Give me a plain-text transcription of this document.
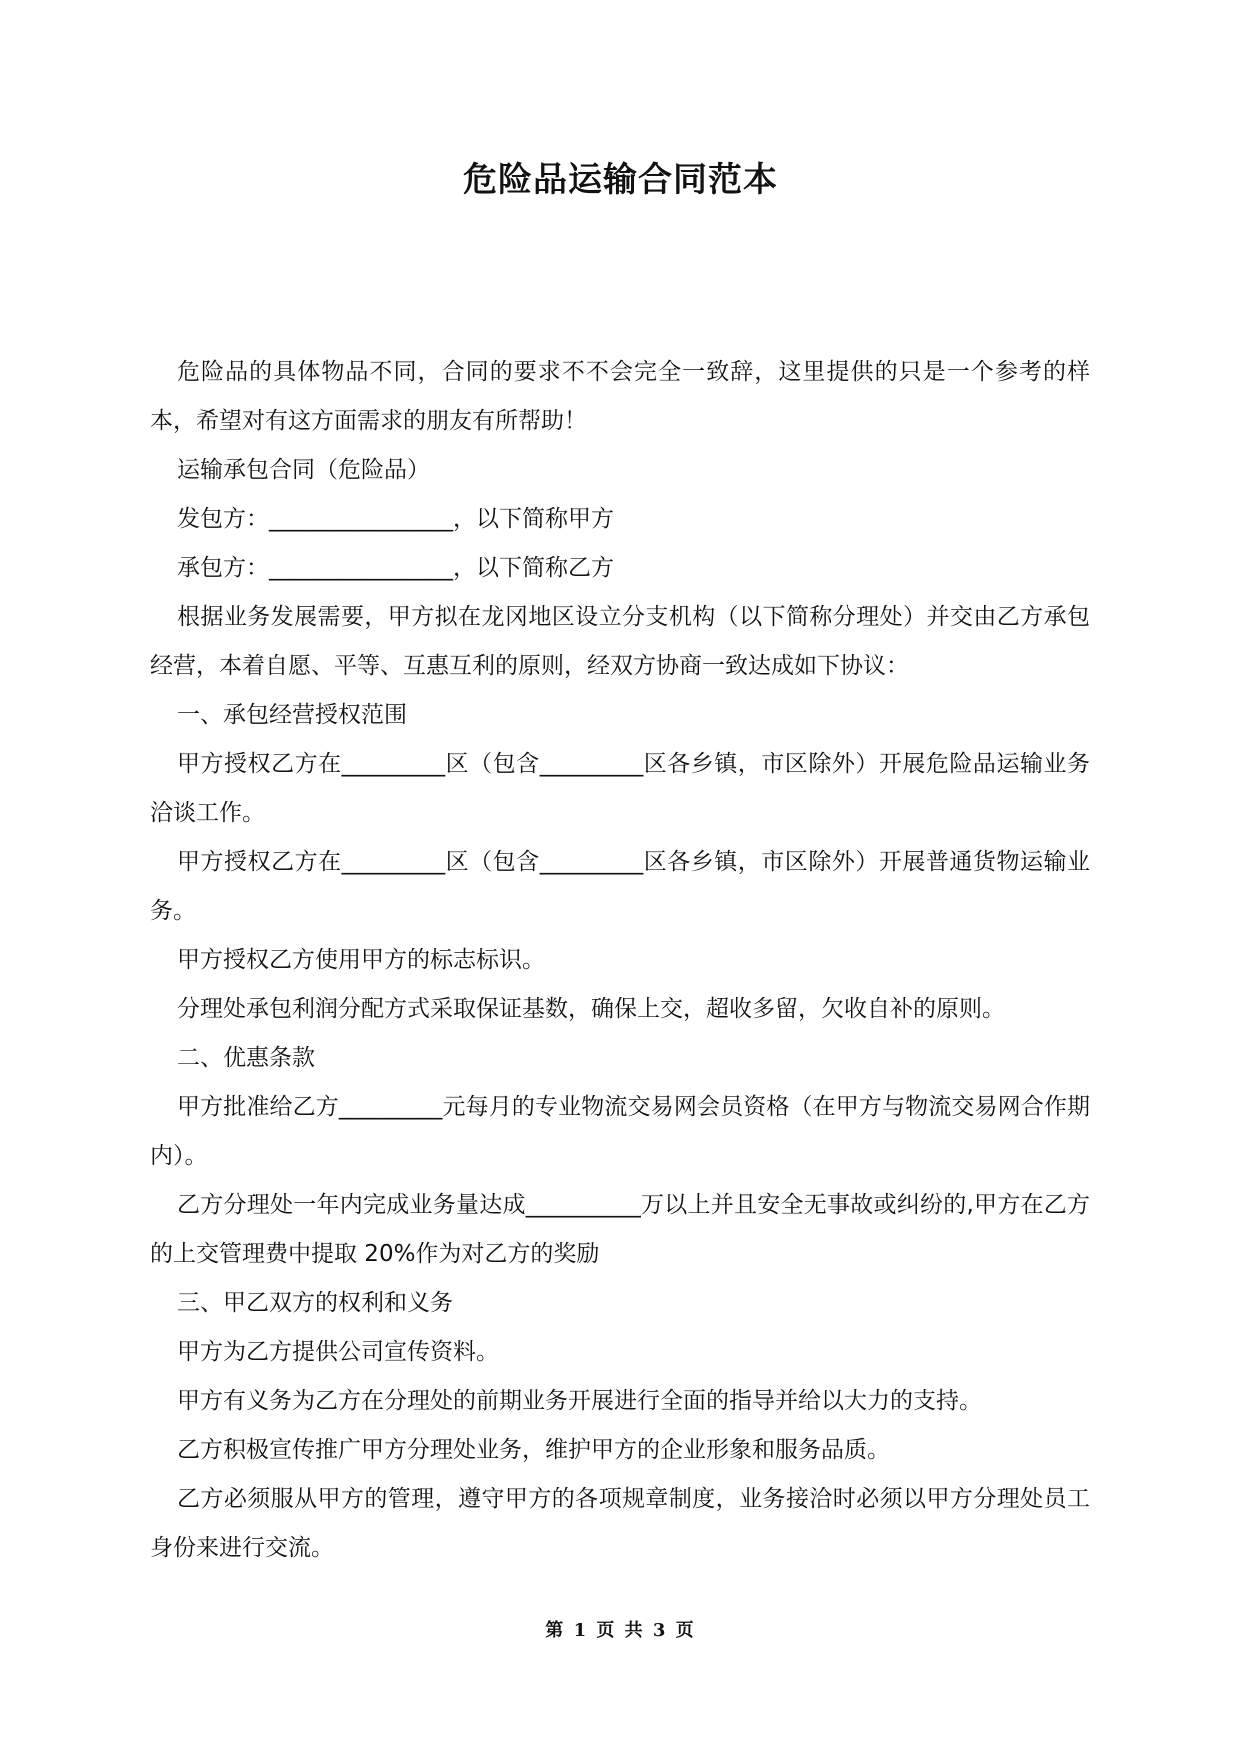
危险品运输合同范本

危险品的具体物品不同，合同的要求不不会完全一致辞，这里提供的只是一个参考的样本，希望对有这方面需求的朋友有所帮助！

运输承包合同（危险品）

发包方：________________，以下简称甲方

承包方：________________，以下简称乙方

根据业务发展需要，甲方拟在龙冈地区设立分支机构（以下简称分理处）并交由乙方承包经营，本着自愿、平等、互惠互利的原则，经双方协商一致达成如下协议：

一、承包经营授权范围

甲方授权乙方在_________区（包含_________区各乡镇，市区除外）开展危险品运输业务洽谈工作。

甲方授权乙方在_________区（包含_________区各乡镇，市区除外）开展普通货物运输业务。

甲方授权乙方使用甲方的标志标识。

分理处承包利润分配方式采取保证基数，确保上交，超收多留，欠收自补的原则。

二、优惠条款

甲方批准给乙方_________元每月的专业物流交易网会员资格（在甲方与物流交易网合作期内）。

乙方分理处一年内完成业务量达成__________万以上并且安全无事故或纠纷的,甲方在乙方的上交管理费中提取 20%作为对乙方的奖励

三、甲乙双方的权利和义务

甲方为乙方提供公司宣传资料。

甲方有义务为乙方在分理处的前期业务开展进行全面的指导并给以大力的支持。

乙方积极宣传推广甲方分理处业务，维护甲方的企业形象和服务品质。

乙方必须服从甲方的管理，遵守甲方的各项规章制度，业务接洽时必须以甲方分理处员工身份来进行交流。

第 1 页 共 3 页
